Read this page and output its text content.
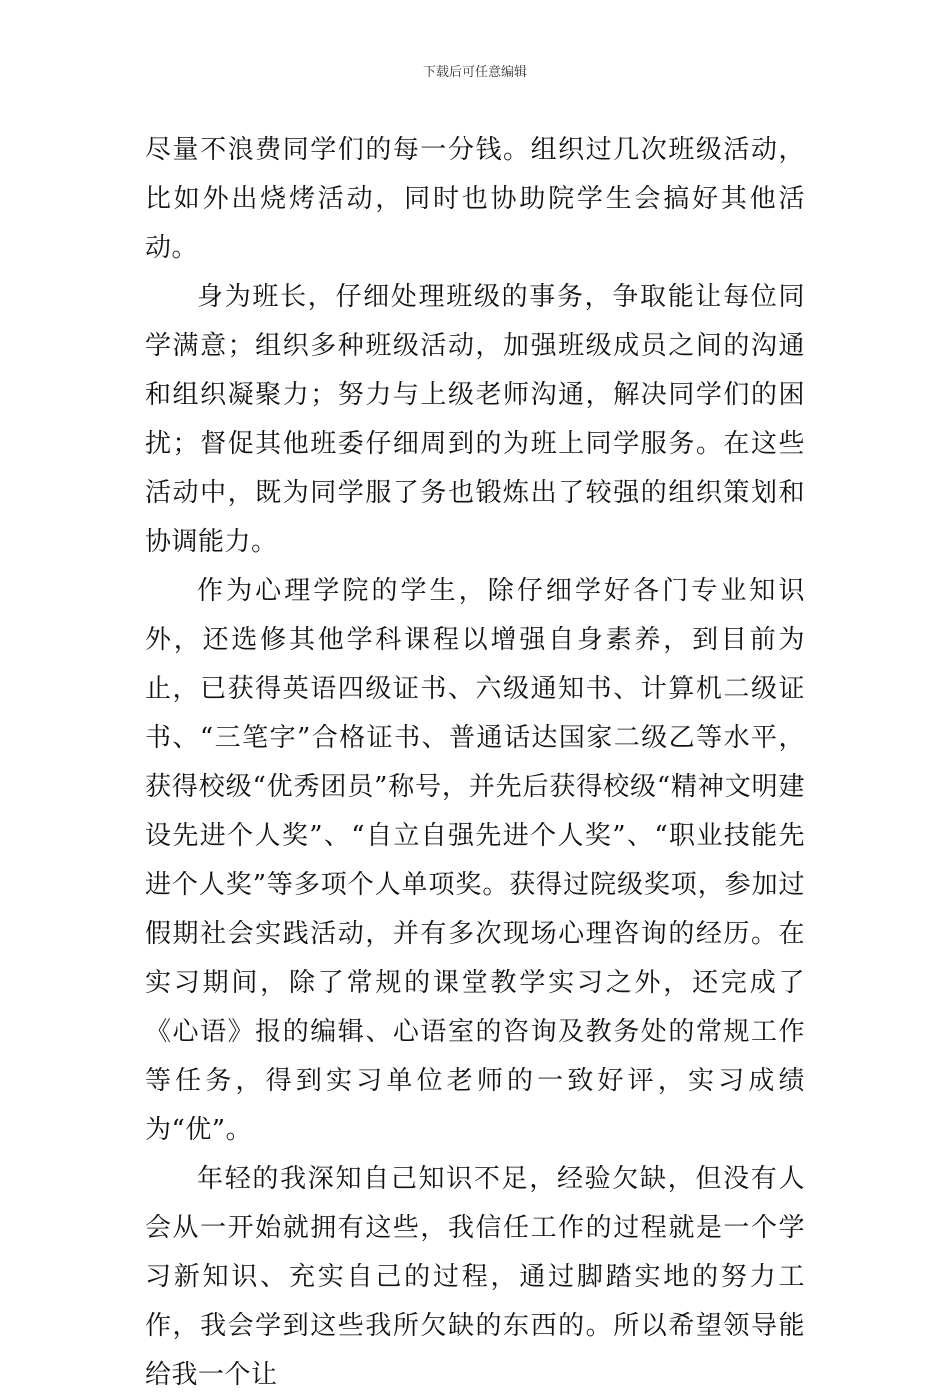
下载后可任意编辑

尽量不浪费同学们的每一分钱。组织过几次班级活动，比如外出烧烤活动，同时也协助院学生会搞好其他活动。

身为班长，仔细处理班级的事务，争取能让每位同学满意；组织多种班级活动，加强班级成员之间的沟通和组织凝聚力；努力与上级老师沟通，解决同学们的困扰；督促其他班委仔细周到的为班上同学服务。在这些活动中，既为同学服了务也锻炼出了较强的组织策划和协调能力。

作为心理学院的学生，除仔细学好各门专业知识外，还选修其他学科课程以增强自身素养，到目前为止，已获得英语四级证书、六级通知书、计算机二级证书、“三笔字”合格证书、普通话达国家二级乙等水平，获得校级“优秀团员”称号，并先后获得校级“精神文明建设先进个人奖”、“自立自强先进个人奖”、“职业技能先进个人奖”等多项个人单项奖。获得过院级奖项，参加过假期社会实践活动，并有多次现场心理咨询的经历。在实习期间，除了常规的课堂教学实习之外，还完成了《心语》报的编辑、心语室的咨询及教务处的常规工作等任务，得到实习单位老师的一致好评，实习成绩为“优”。

年轻的我深知自己知识不足，经验欠缺，但没有人会从一开始就拥有这些，我信任工作的过程就是一个学习新知识、充实自己的过程，通过脚踏实地的努力工作，我会学到这些我所欠缺的东西的。所以希望领导能给我一个让
